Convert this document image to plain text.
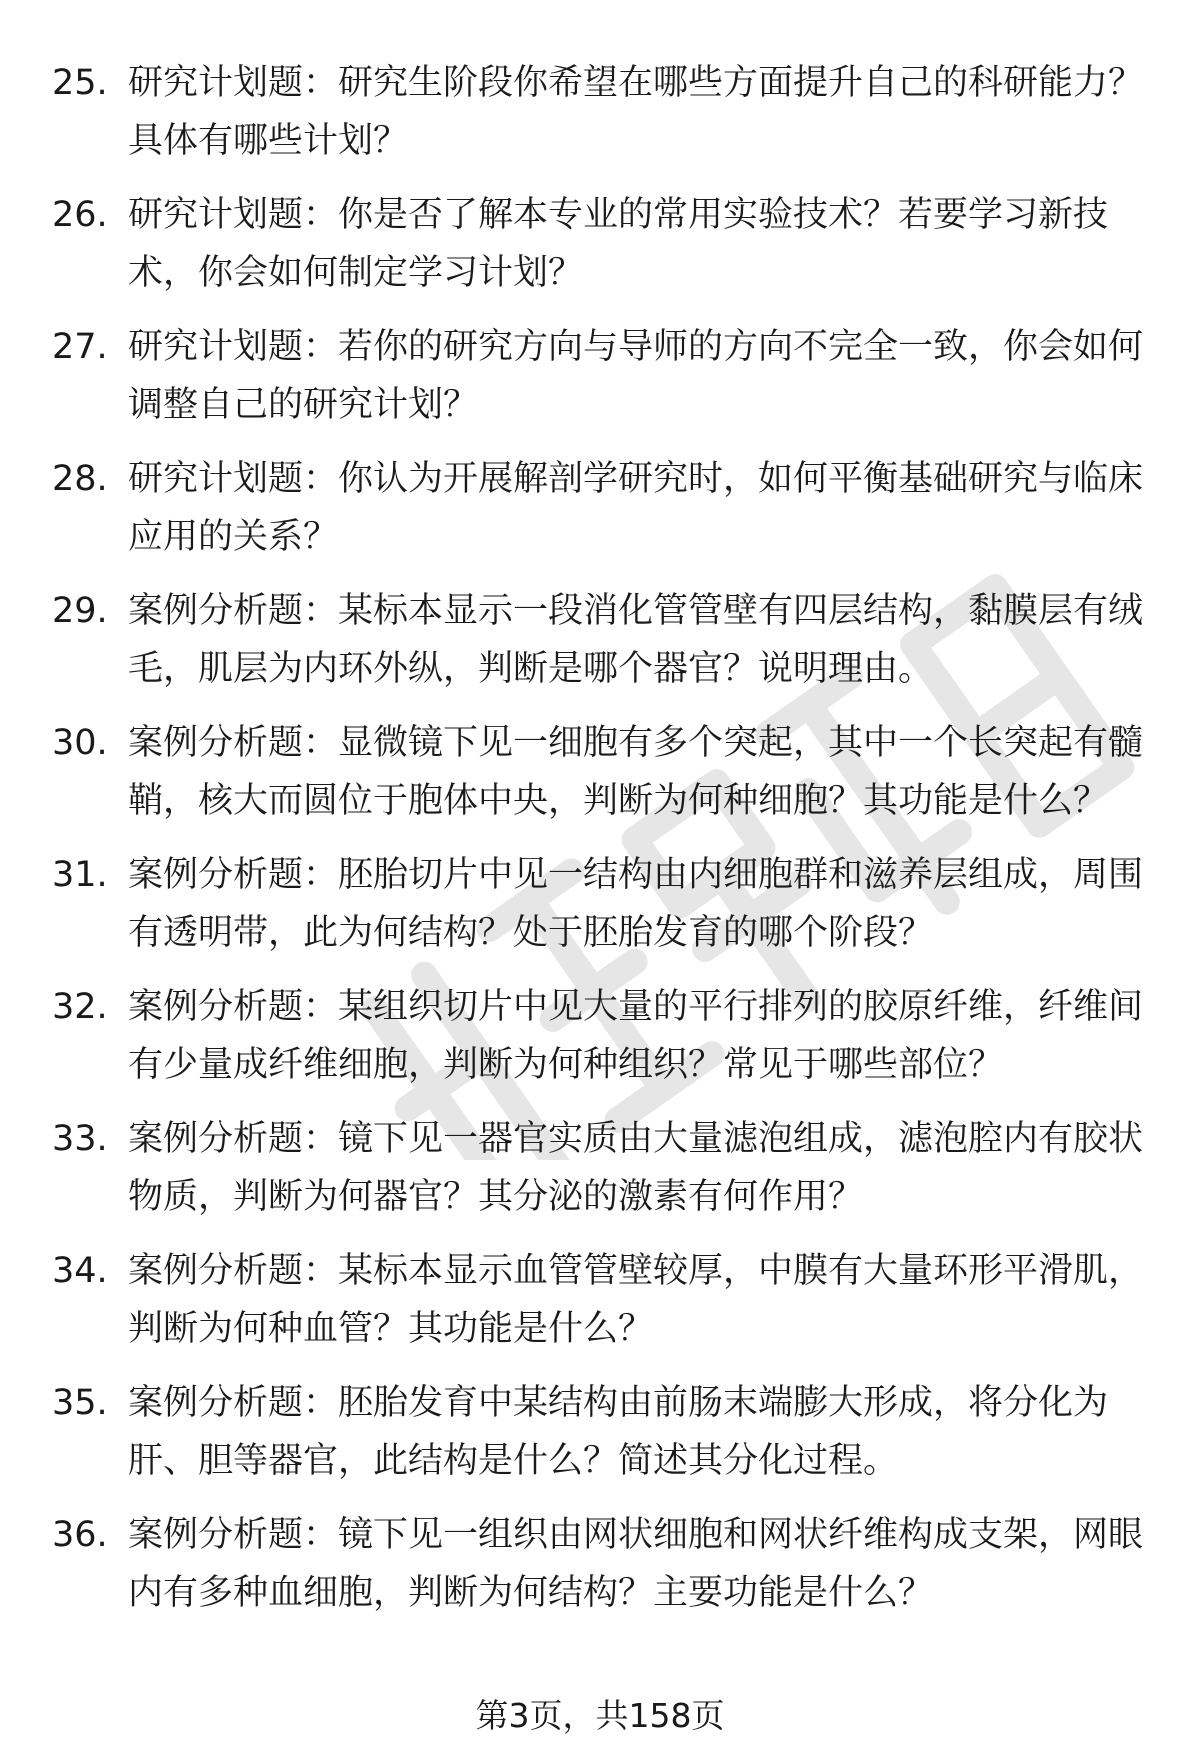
25. 研究计划题：研究生阶段你希望在哪些方面提升自己的科研能力？具体有哪些计划？
26. 研究计划题：你是否了解本专业的常用实验技术？若要学习新技术，你会如何制定学习计划？
27. 研究计划题：若你的研究方向与导师的方向不完全一致，你会如何调整自己的研究计划？
28. 研究计划题：你认为开展解剖学研究时，如何平衡基础研究与临床应用的关系？
29. 案例分析题：某标本显示一段消化管管壁有四层结构，黏膜层有绒毛，肌层为内环外纵，判断是哪个器官？说明理由。
30. 案例分析题：显微镜下见一细胞有多个突起，其中一个长突起有髓鞘，核大而圆位于胞体中央，判断为何种细胞？其功能是什么？
31. 案例分析题：胚胎切片中见一结构由内细胞群和滋养层组成，周围有透明带，此为何结构？处于胚胎发育的哪个阶段？
32. 案例分析题：某组织切片中见大量的平行排列的胶原纤维，纤维间有少量成纤维细胞，判断为何种组织？常见于哪些部位？
33. 案例分析题：镜下见一器官实质由大量滤泡组成，滤泡腔内有胶状物质，判断为何器官？其分泌的激素有何作用？
34. 案例分析题：某标本显示血管管壁较厚，中膜有大量环形平滑肌，判断为何种血管？其功能是什么？
35. 案例分析题：胚胎发育中某结构由前肠末端膨大形成，将分化为肝、胆等器官，此结构是什么？简述其分化过程。
36. 案例分析题：镜下见一组织由网状细胞和网状纤维构成支架，网眼内有多种血细胞，判断为何结构？主要功能是什么？
第3页，共158页
